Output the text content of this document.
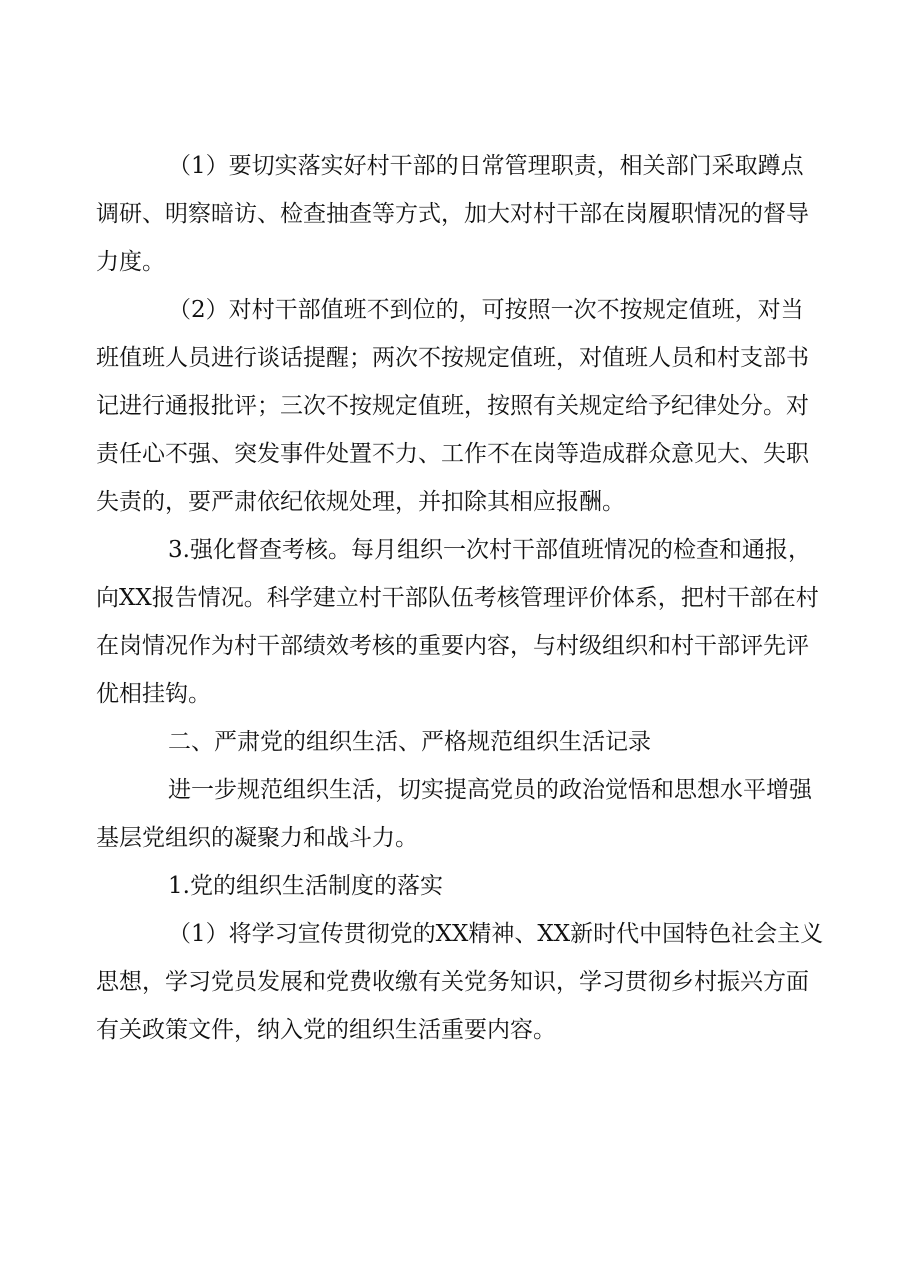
（1）要切实落实好村干部的日常管理职责，相关部门采取蹲点调研、明察暗访、检查抽查等方式，加大对村干部在岗履职情况的督导力度。

（2）对村干部值班不到位的，可按照一次不按规定值班，对当班值班人员进行谈话提醒；两次不按规定值班，对值班人员和村支部书记进行通报批评；三次不按规定值班，按照有关规定给予纪律处分。对责任心不强、突发事件处置不力、工作不在岗等造成群众意见大、失职失责的，要严肃依纪依规处理，并扣除其相应报酬。

3.强化督查考核。每月组织一次村干部值班情况的检查和通报，向XX报告情况。科学建立村干部队伍考核管理评价体系，把村干部在村在岗情况作为村干部绩效考核的重要内容，与村级组织和村干部评先评优相挂钩。

二、严肃党的组织生活、严格规范组织生活记录

进一步规范组织生活，切实提高党员的政治觉悟和思想水平增强基层党组织的凝聚力和战斗力。

1.党的组织生活制度的落实

（1）将学习宣传贯彻党的XX精神、XX新时代中国特色社会主义思想，学习党员发展和党费收缴有关党务知识，学习贯彻乡村振兴方面有关政策文件，纳入党的组织生活重要内容。
